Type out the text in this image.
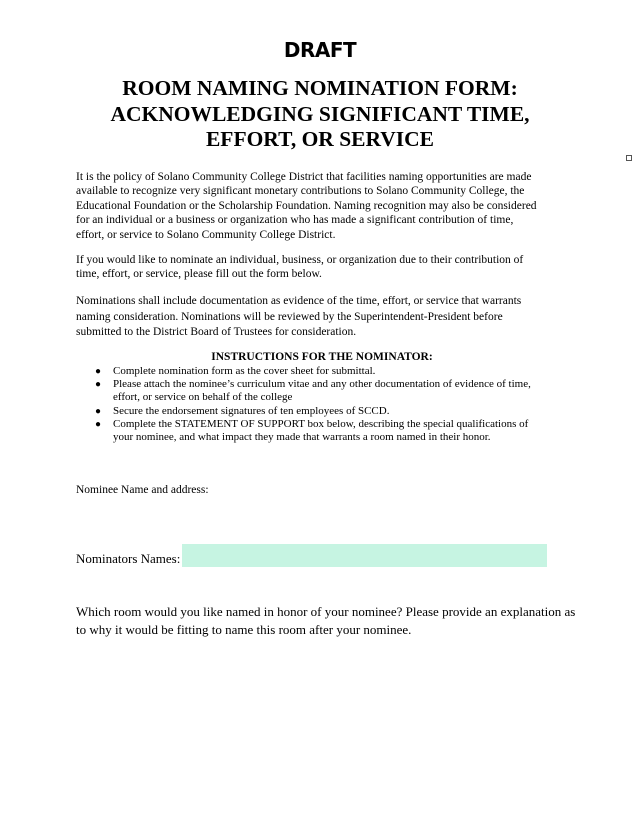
DRAFT
ROOM NAMING NOMINATION FORM:
ACKNOWLEDGING SIGNIFICANT TIME,
EFFORT, OR SERVICE
It is the policy of Solano Community College District that facilities naming opportunities are made
available to recognize very significant monetary contributions to Solano Community College, the
Educational Foundation or the Scholarship Foundation. Naming recognition may also be considered
for an individual or a business or organization who has made a significant contribution of time,
effort, or service to Solano Community College District.
If you would like to nominate an individual, business, or organization due to their contribution of
time, effort, or service, please fill out the form below.
Nominations shall include documentation as evidence of the time, effort, or service that warrants
naming consideration. Nominations will be reviewed by the Superintendent-President before
submitted to the District Board of Trustees for consideration.
INSTRUCTIONS FOR THE NOMINATOR:
● Complete nomination form as the cover sheet for submittal.
● Please attach the nominee’s curriculum vitae and any other documentation of evidence of time,
effort, or service on behalf of the college
● Secure the endorsement signatures of ten employees of SCCD.
● Complete the STATEMENT OF SUPPORT box below, describing the special qualifications of
your nominee, and what impact they made that warrants a room named in their honor.
Nominee Name and address:
Nominators Names:
Which room would you like named in honor of your nominee? Please provide an explanation as
to why it would be fitting to name this room after your nominee.
